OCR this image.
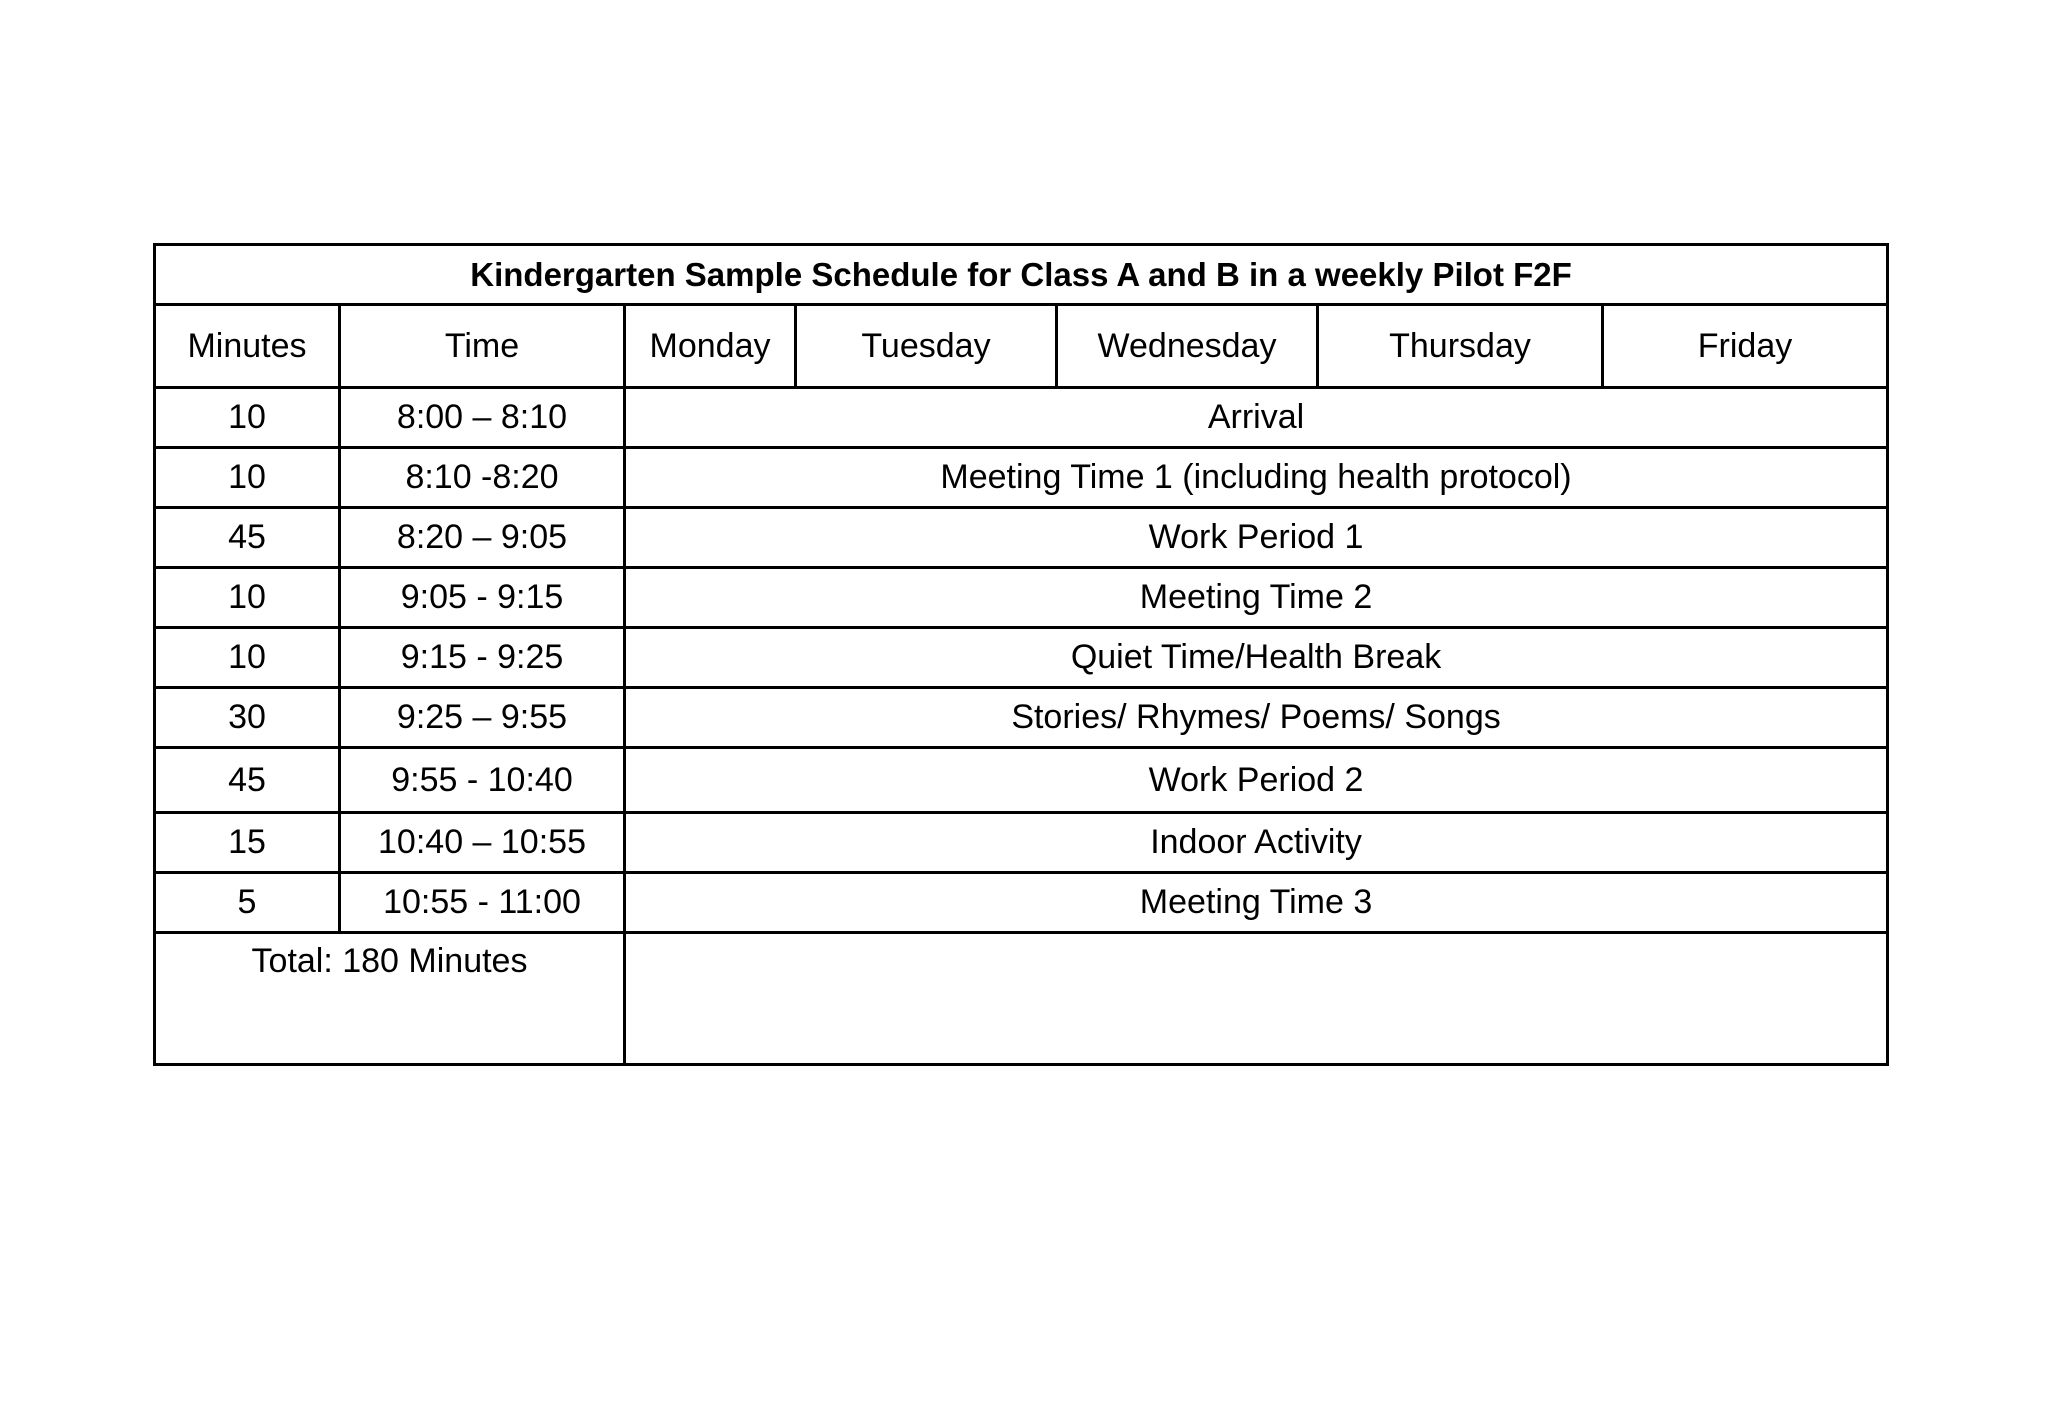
Kindergarten Sample Schedule for Class A and B in a weekly Pilot F2F						
Minutes	Time	Monday	Tuesday	Wednesday	Thursday	Friday
10	8:00 – 8:10	Arrival				
10	8:10 -8:20	Meeting Time 1 (including health protocol)				
45	8:20 – 9:05	Work Period 1				
10	9:05 - 9:15	Meeting Time 2				
10	9:15 - 9:25	Quiet Time/Health Break				
30	9:25 – 9:55	Stories/ Rhymes/ Poems/ Songs				
45	9:55 - 10:40	Work Period 2				
15	10:40 – 10:55	Indoor Activity				
5	10:55 - 11:00	Meeting Time 3				
Total: 180 Minutes						
